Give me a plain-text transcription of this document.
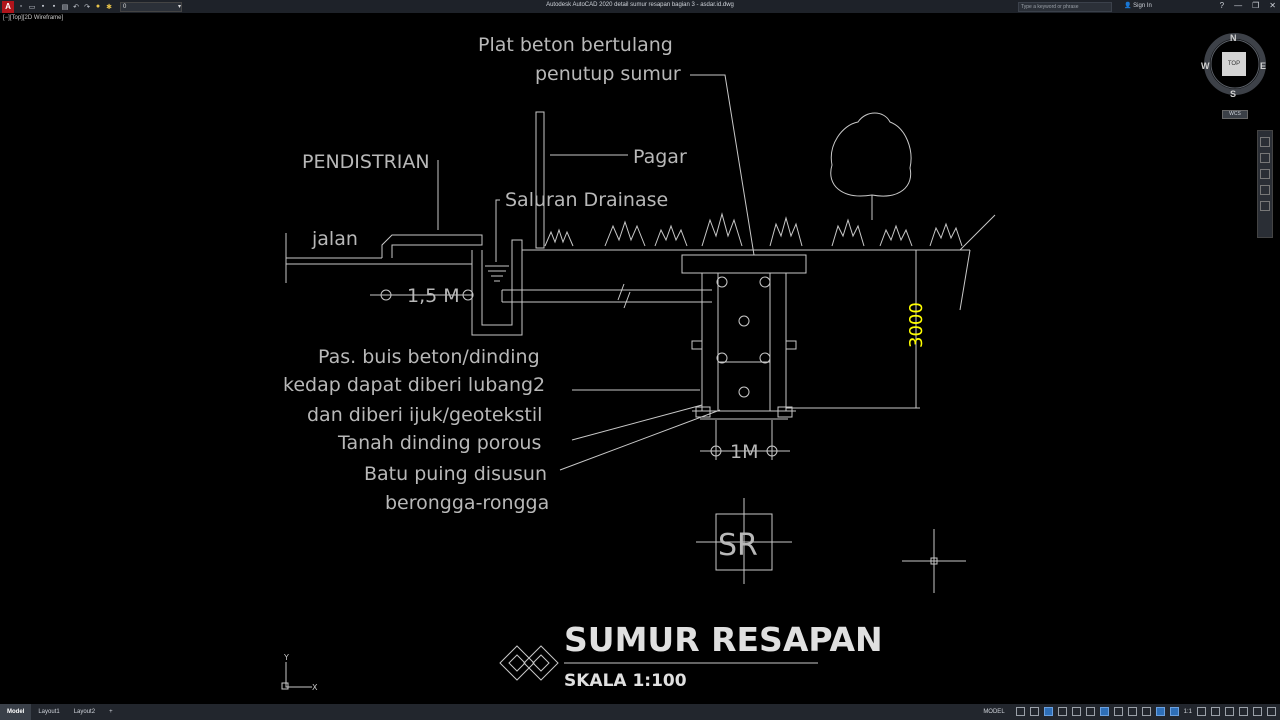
A	▫ ▭ ▪	▪ ▤ ↶ ↷ ● ✱ 0	▾	Autodesk AutoCAD 2020 detail sumur resapan bagian 3 - asdar.id.dwg	Type a keyword or phrase	👤 Sign In	? — ❐ ✕
[−][Top][2D Wireframe]
Plat beton bertulang
penutup sumur
Pagar
PENDISTRIAN
Saluran Drainase
jalan
1,5 M
Pas. buis beton/dinding
kedap dapat diberi lubang2
dan diberi ijuk/geotekstil
Tanah dinding porous
Batu puing disusun
berongga-rongga
1M
3000
SR
SUMUR RESAPAN
SKALA 1:100
Y
X
TOP
N
S
E
W
WCS
Model	Layout1	Layout2	+	MODEL	1:1
